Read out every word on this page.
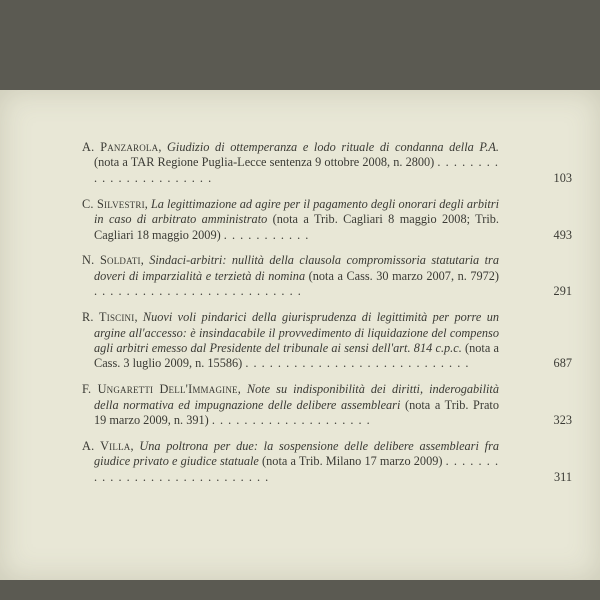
A. Panzarola, Giudizio di ottemperanza e lodo rituale di condanna della P.A. (nota a TAR Regione Puglia-Lecce sentenza 9 ottobre 2008, n. 2800) . . . . . . . . . . . . . . . . . . . . . . .	103
C. Silvestri, La legittimazione ad agire per il pagamento degli onorari degli arbitri in caso di arbitrato amministrato (nota a Trib. Cagliari 8 maggio 2008; Trib. Cagliari 18 maggio 2009) . . . . . . . . . . .	493
N. Soldati, Sindaci-arbitri: nullità della clausola compromissoria statutaria tra doveri di imparzialità e terzietà di nomina (nota a Cass. 30 marzo 2007, n. 7972) . . . . . . . . . . . . . . . . . . . . . . . . . .	291
R. Tiscini, Nuovi voli pindarici della giurisprudenza di legittimità per porre un argine all'accesso: è insindacabile il provvedimento di liquidazione del compenso agli arbitri emesso dal Presidente del tribunale ai sensi dell'art. 814 c.p.c. (nota a Cass. 3 luglio 2009, n. 15586) . . . . . . . . . . . . . . . . . . . . . . . . . . . .	687
F. Ungaretti Dell'Immagine, Note su indisponibilità dei diritti, inderogabilità della normativa ed impugnazione delle delibere assembleari (nota a Trib. Prato 19 marzo 2009, n. 391) . . . . . . . . . . . . . . . . . . . .	323
A. Villa, Una poltrona per due: la sospensione delle delibere assembleari fra giudice privato e giudice statuale (nota a Trib. Milano 17 marzo 2009) . . . . . . . . . . . . . . . . . . . . . . . . . . . . .	311
